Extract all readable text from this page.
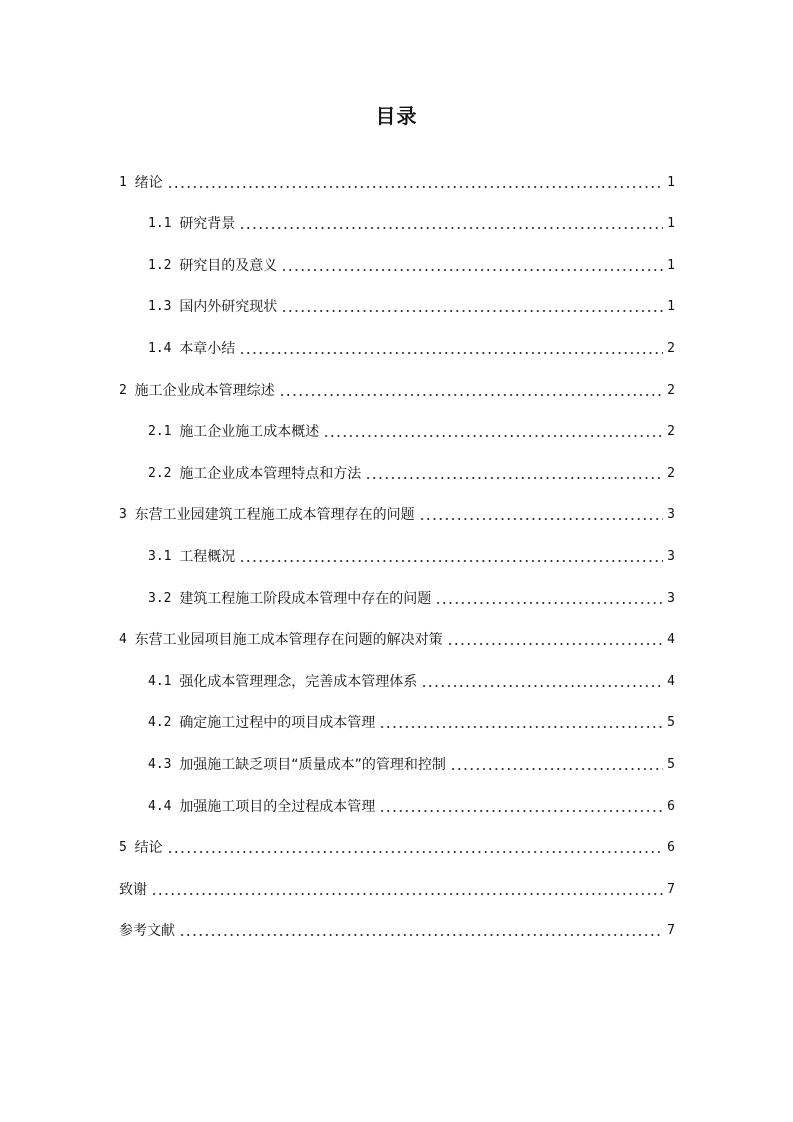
目录
1 绪论	1
1.1 研究背景	1
1.2 研究目的及意义	1
1.3 国内外研究现状	1
1.4 本章小结	2
2 施工企业成本管理综述	2
2.1 施工企业施工成本概述	2
2.2 施工企业成本管理特点和方法	2
3 东营工业园建筑工程施工成本管理存在的问题	3
3.1 工程概况	3
3.2 建筑工程施工阶段成本管理中存在的问题	3
4 东营工业园项目施工成本管理存在问题的解决对策	4
4.1 强化成本管理理念，完善成本管理体系	4
4.2 确定施工过程中的项目成本管理	5
4.3 加强施工缺乏项目“质量成本”的管理和控制	5
4.4 加强施工项目的全过程成本管理	6
5 结论	6
致谢	7
参考文献	7
